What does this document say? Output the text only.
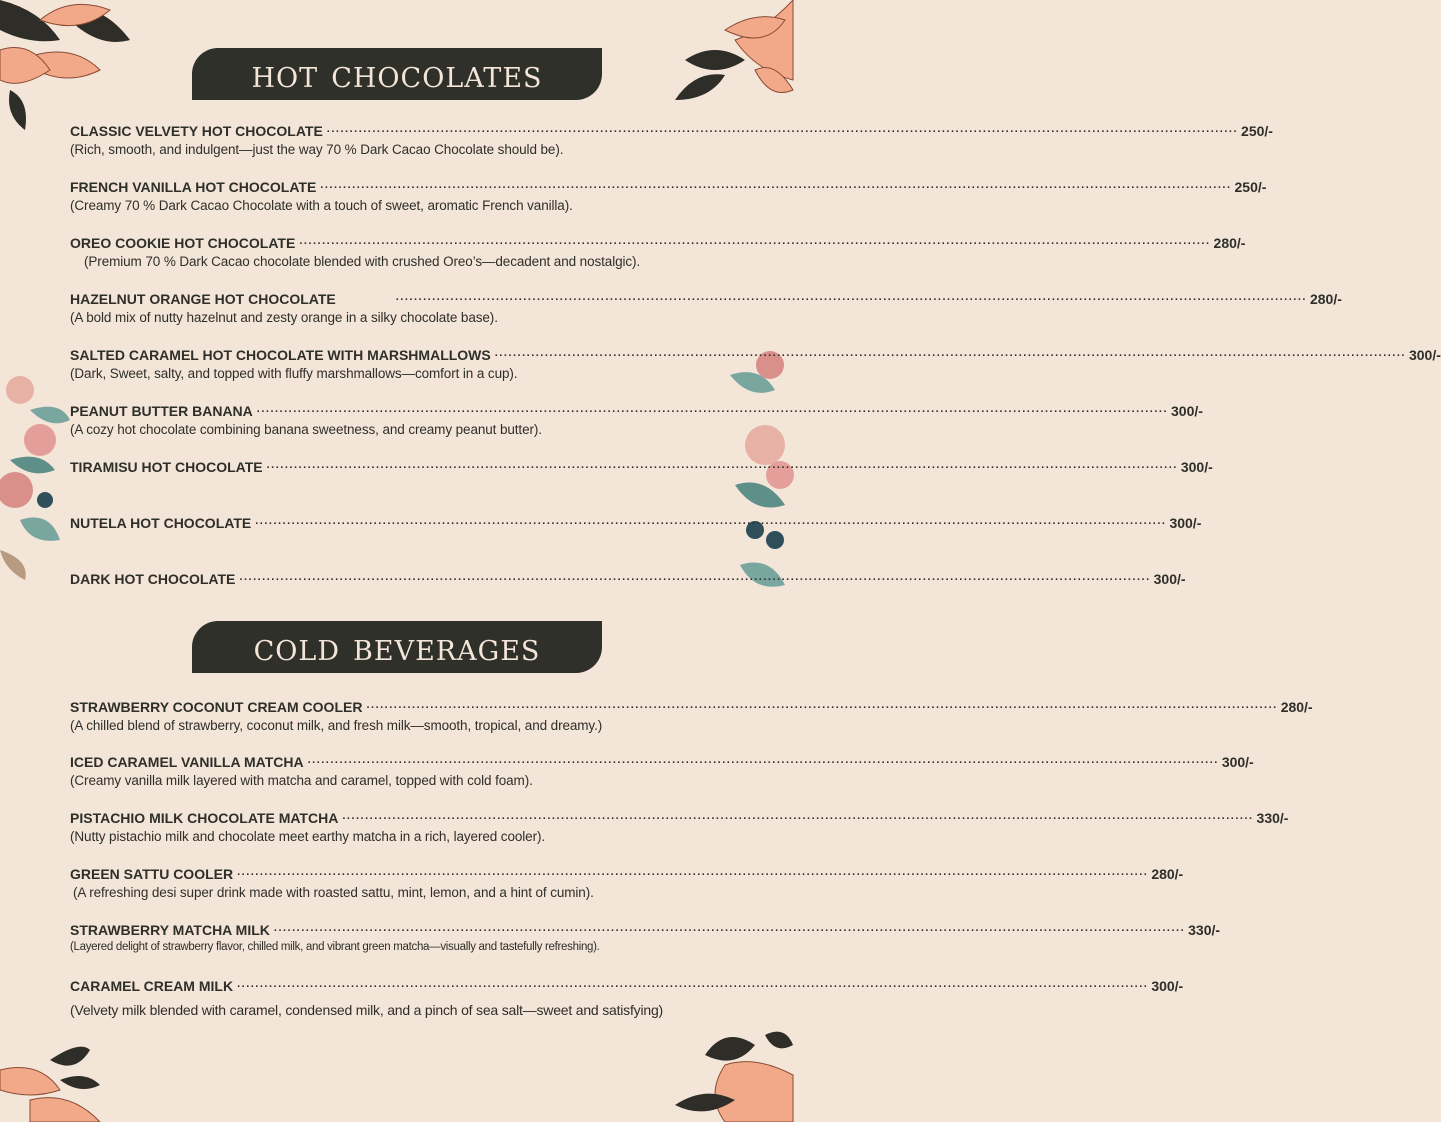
hot chocolates
CLASSIC VELVETY HOT CHOCOLATE ........................................................................................................................................................................................................ 250/-
(Rich, smooth, and indulgent—just the way 70 % Dark Cacao Chocolate should be).
FRENCH VANILLA HOT CHOCOLATE ........................................................................................................................................................................................................ 250/-
(Creamy 70 % Dark Cacao Chocolate with a touch of sweet, aromatic French vanilla).
OREO COOKIE HOT CHOCOLATE ........................................................................................................................................................................................................ 280/-
(Premium 70 % Dark Cacao chocolate blended with crushed Oreo’s—decadent and nostalgic).
HAZELNUT ORANGE HOT CHOCOLATE	........................................................................................................................................................................................................ 280/-
(A bold mix of nutty hazelnut and zesty orange in a silky chocolate base).
SALTED CARAMEL HOT CHOCOLATE WITH MARSHMALLOWS ........................................................................................................................................................................................................ 300/-
(Dark, Sweet, salty, and topped with fluffy marshmallows—comfort in a cup).
PEANUT BUTTER BANANA ........................................................................................................................................................................................................ 300/-
(A cozy hot chocolate combining banana sweetness, and creamy peanut butter).
TIRAMISU HOT CHOCOLATE ........................................................................................................................................................................................................ 300/-
NUTELA HOT CHOCOLATE ........................................................................................................................................................................................................ 300/-
DARK HOT CHOCOLATE ........................................................................................................................................................................................................ 300/-
cold beverages
STRAWBERRY COCONUT CREAM COOLER ........................................................................................................................................................................................................ 280/-
(A chilled blend of strawberry, coconut milk, and fresh milk—smooth, tropical, and dreamy.)
ICED CARAMEL VANILLA MATCHA ........................................................................................................................................................................................................ 300/-
(Creamy vanilla milk layered with matcha and caramel, topped with cold foam).
PISTACHIO MILK CHOCOLATE MATCHA ........................................................................................................................................................................................................ 330/-
(Nutty pistachio milk and chocolate meet earthy matcha in a rich, layered cooler).
GREEN SATTU COOLER ........................................................................................................................................................................................................ 280/-
(A refreshing desi super drink made with roasted sattu, mint, lemon, and a hint of cumin).
STRAWBERRY MATCHA MILK ........................................................................................................................................................................................................ 330/-
(Layered delight of strawberry flavor, chilled milk, and vibrant green matcha—visually and tastefully refreshing).
CARAMEL CREAM MILK ........................................................................................................................................................................................................ 300/-
(Velvety milk blended with caramel, condensed milk, and a pinch of sea salt—sweet and satisfying)
